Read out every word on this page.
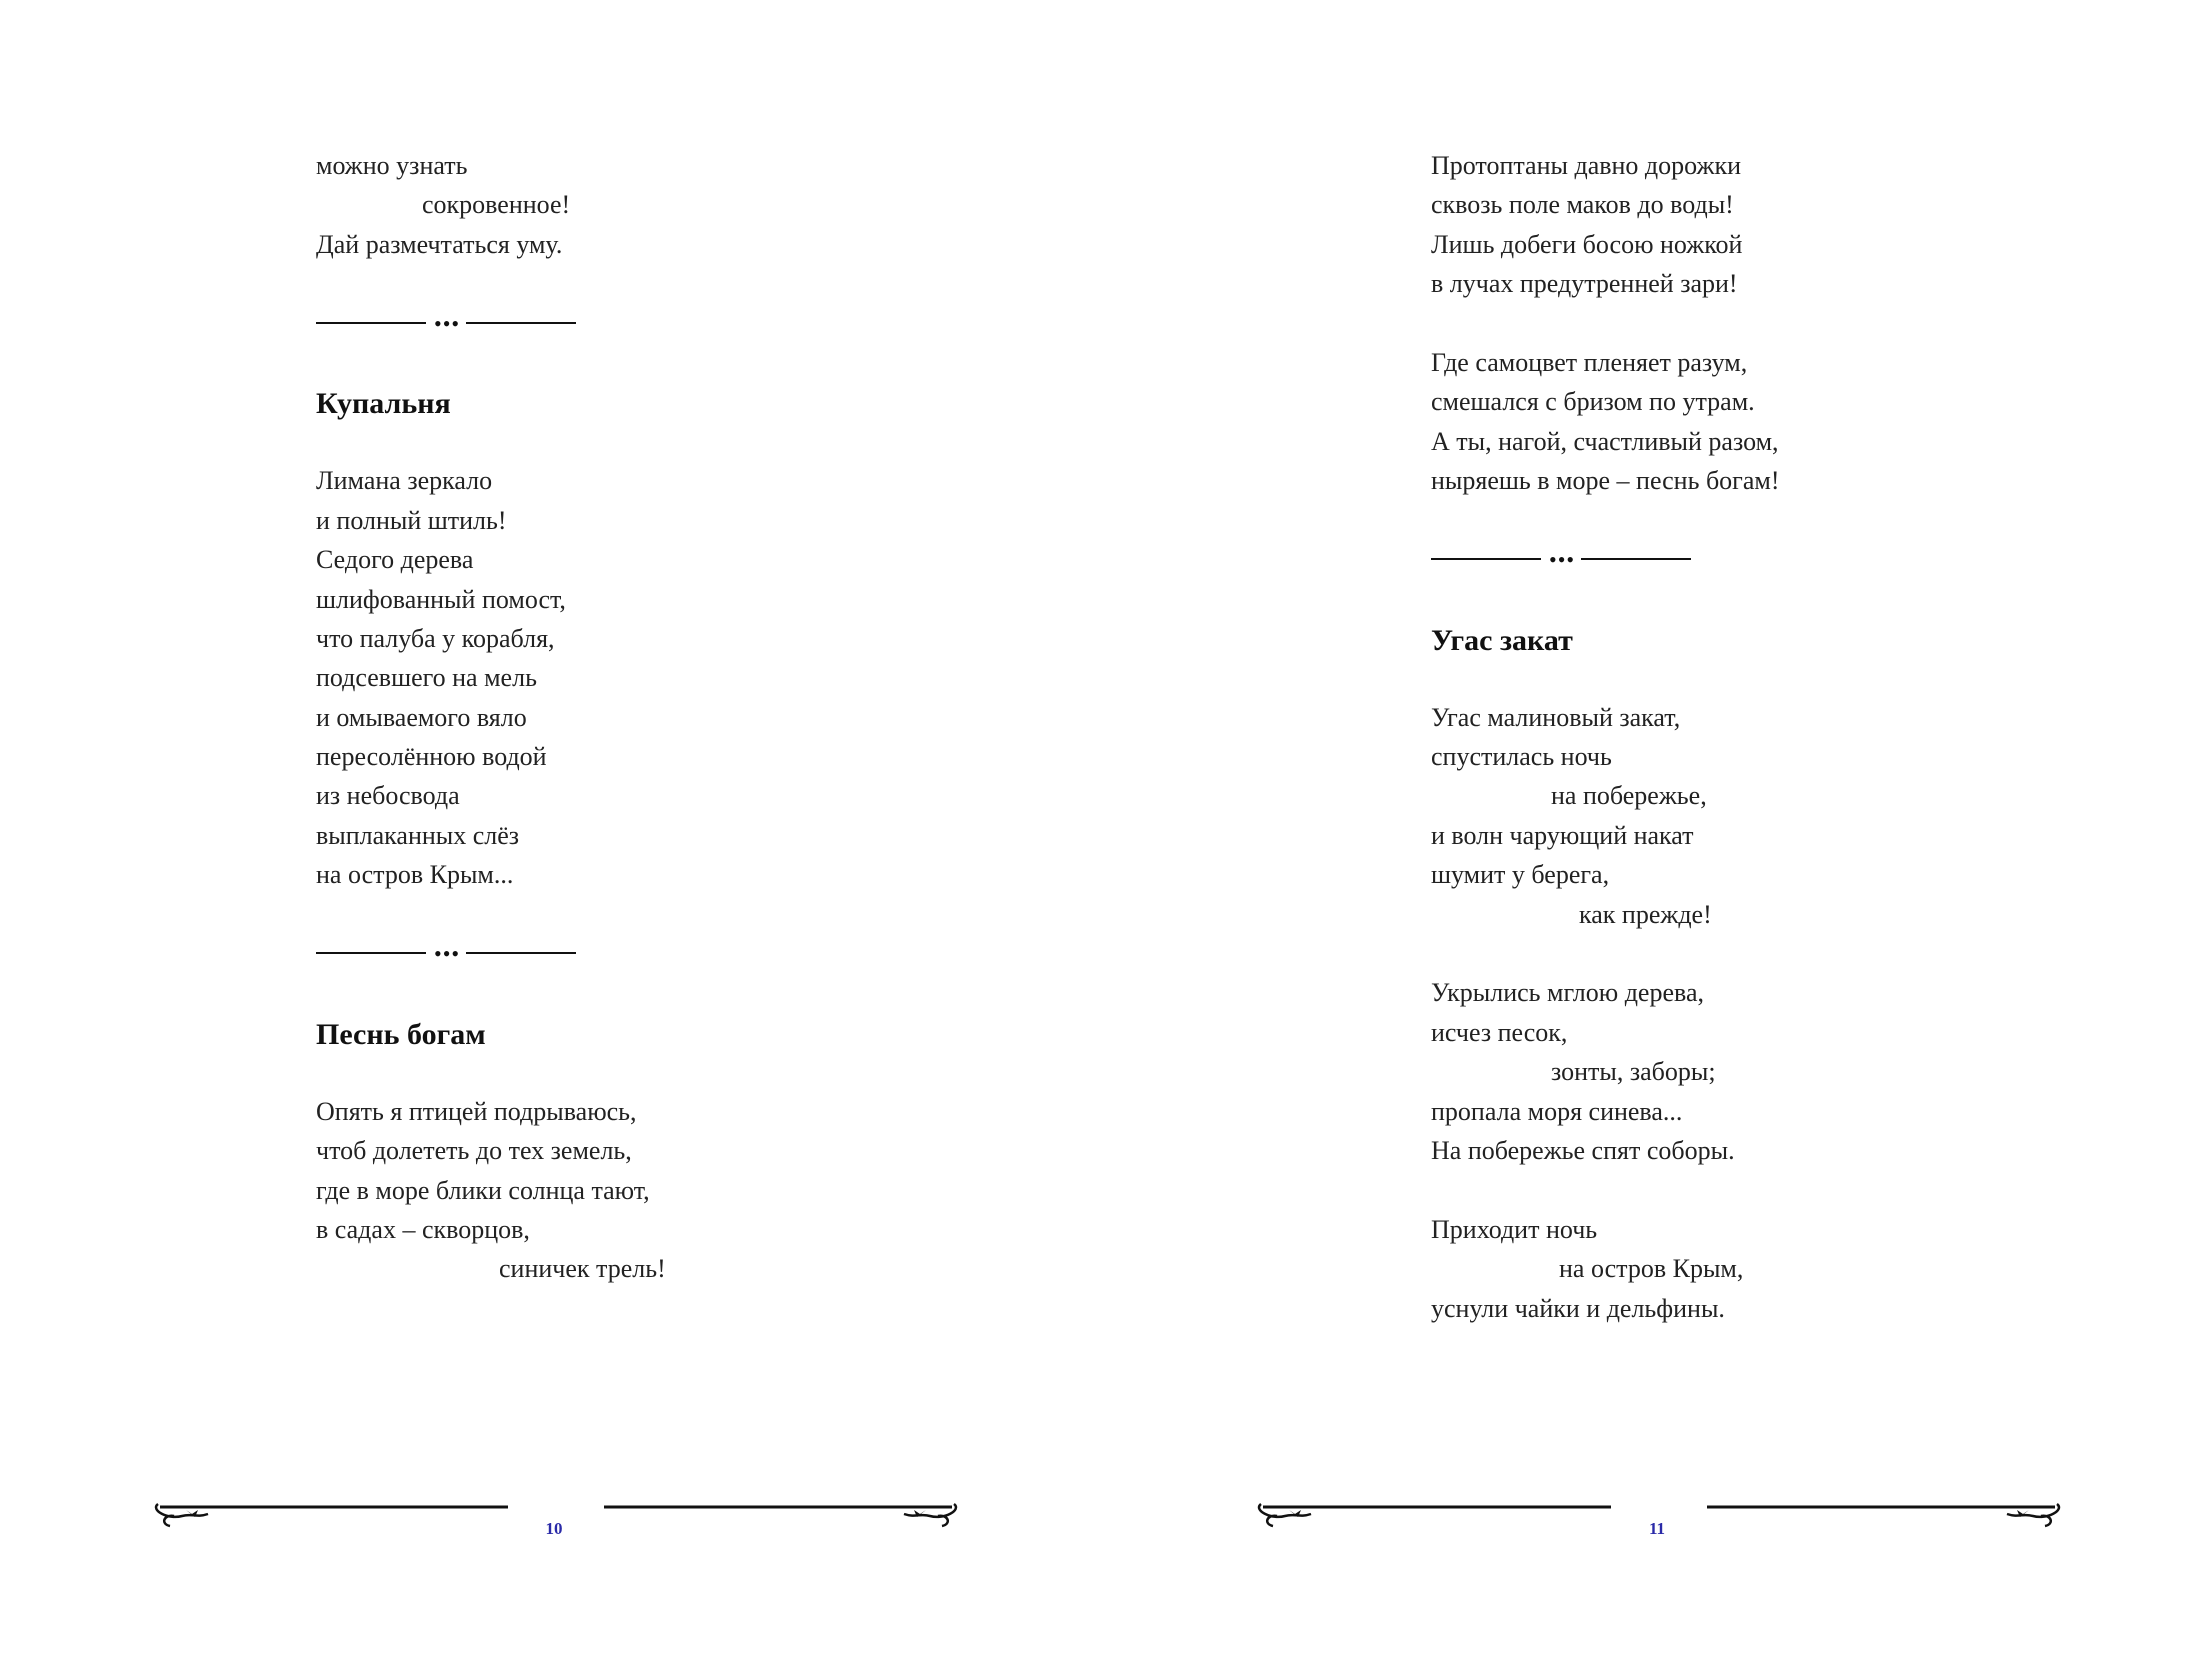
можно узнать
сокровенное!
Дай размечтаться уму.
•••
Купальня
Лимана зеркало
и полный штиль!
Седого дерева
шлифованный помост,
что палуба у корабля,
подсевшего на мель
и омываемого вяло
пересолённою водой
из небосвода
выплаканных слёз
на остров Крым...
•••
Песнь богам
Опять я птицей подрываюсь,
чтоб долететь до тех земель,
где в море блики солнца тают,
в садах – скворцов,
синичек трель!
10
Протоптаны давно дорожки
сквозь поле маков до воды!
Лишь добеги босою ножкой
в лучах предутренней зари!
Где самоцвет пленяет разум,
смешался с бризом по утрам.
А ты, нагой, счастливый разом,
ныряешь в море – песнь богам!
•••
Угас закат
Угас малиновый закат,
спустилась ночь
на побережье,
и волн чарующий накат
шумит у берега,
как прежде!
Укрылись мглою дерева,
исчез песок,
зонты, заборы;
пропала моря синева...
На побережье спят соборы.
Приходит ночь
на остров Крым,
уснули чайки и дельфины.
11
